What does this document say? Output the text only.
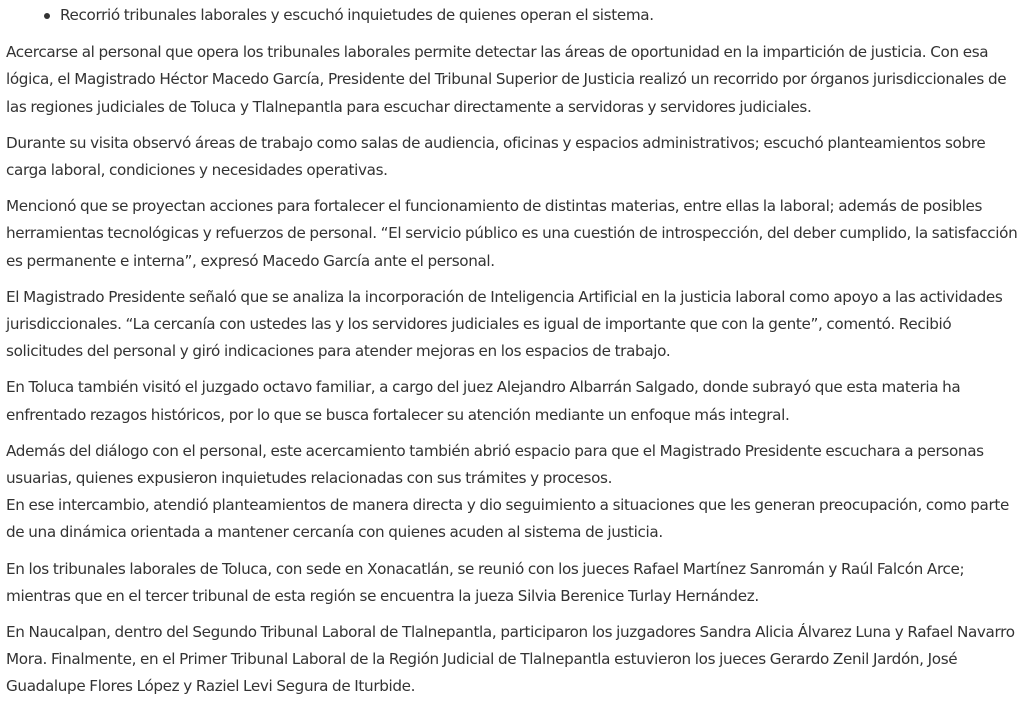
Recorrió tribunales laborales y escuchó inquietudes de quienes operan el sistema.

Acercarse al personal que opera los tribunales laborales permite detectar las áreas de oportunidad en la impartición de justicia. Con esa lógica, el Magistrado Héctor Macedo García, Presidente del Tribunal Superior de Justicia realizó un recorrido por órganos jurisdiccionales de las regiones judiciales de Toluca y Tlalnepantla para escuchar directamente a servidoras y servidores judiciales.

Durante su visita observó áreas de trabajo como salas de audiencia, oficinas y espacios administrativos; escuchó planteamientos sobre carga laboral, condiciones y necesidades operativas.

Mencionó que se proyectan acciones para fortalecer el funcionamiento de distintas materias, entre ellas la laboral; además de posibles herramientas tecnológicas y refuerzos de personal. “El servicio público es una cuestión de introspección, del deber cumplido, la satisfacción es permanente e interna”, expresó Macedo García ante el personal.

El Magistrado Presidente señaló que se analiza la incorporación de Inteligencia Artificial en la justicia laboral como apoyo a las actividades jurisdiccionales. “La cercanía con ustedes las y los servidores judiciales es igual de importante que con la gente”, comentó. Recibió solicitudes del personal y giró indicaciones para atender mejoras en los espacios de trabajo.

En Toluca también visitó el juzgado octavo familiar, a cargo del juez Alejandro Albarrán Salgado, donde subrayó que esta materia ha enfrentado rezagos históricos, por lo que se busca fortalecer su atención mediante un enfoque más integral.

Además del diálogo con el personal, este acercamiento también abrió espacio para que el Magistrado Presidente escuchara a personas usuarias, quienes expusieron inquietudes relacionadas con sus trámites y procesos.
En ese intercambio, atendió planteamientos de manera directa y dio seguimiento a situaciones que les generan preocupación, como parte de una dinámica orientada a mantener cercanía con quienes acuden al sistema de justicia.

En los tribunales laborales de Toluca, con sede en Xonacatlán, se reunió con los jueces Rafael Martínez Sanromán y Raúl Falcón Arce; mientras que en el tercer tribunal de esta región se encuentra la jueza Silvia Berenice Turlay Hernández.

En Naucalpan, dentro del Segundo Tribunal Laboral de Tlalnepantla, participaron los juzgadores Sandra Alicia Álvarez Luna y Rafael Navarro Mora. Finalmente, en el Primer Tribunal Laboral de la Región Judicial de Tlalnepantla estuvieron los jueces Gerardo Zenil Jardón, José Guadalupe Flores López y Raziel Levi Segura de Iturbide.
